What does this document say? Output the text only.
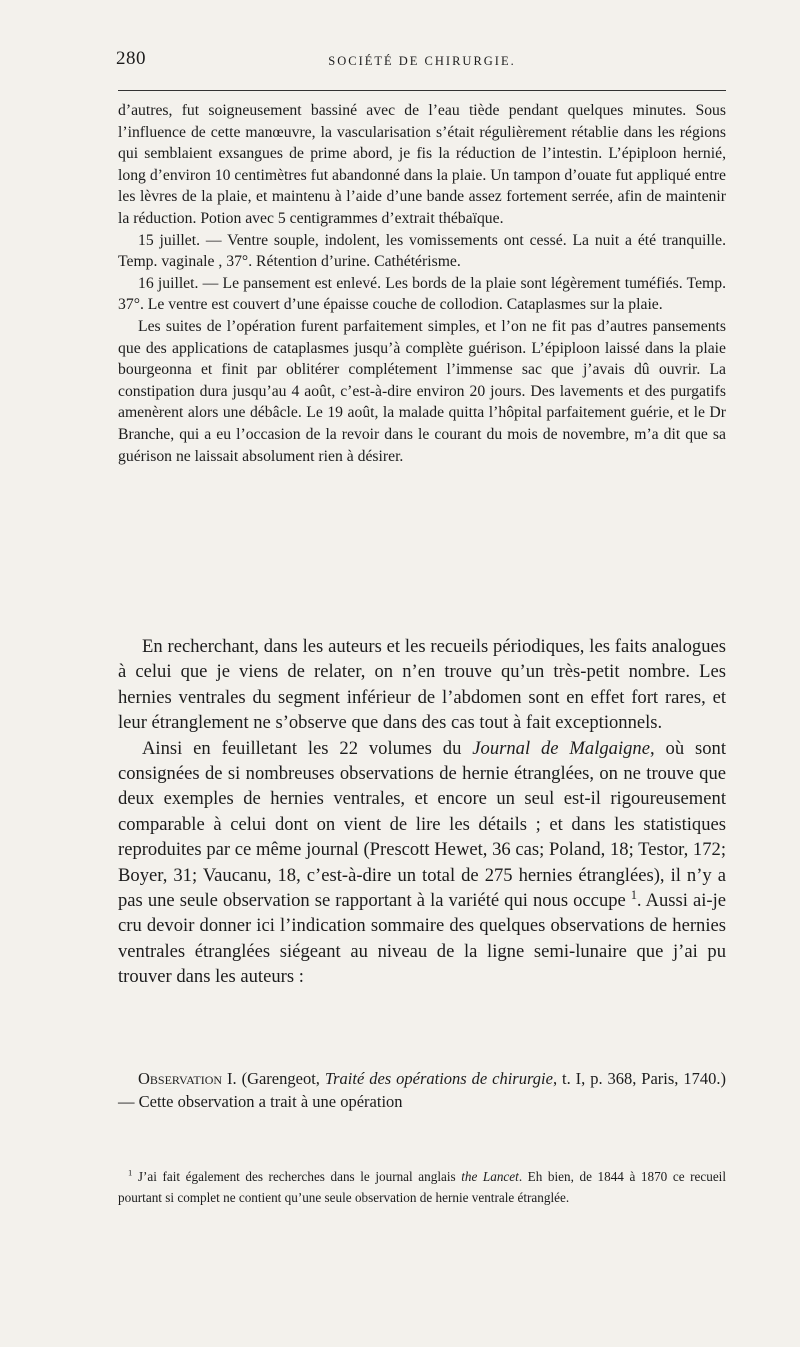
280	SOCIÉTÉ DE CHIRURGIE.

d’autres, fut soigneusement bassiné avec de l’eau tiède pendant quelques minutes. Sous l’influence de cette manœuvre, la vascularisation s’était régulièrement rétablie dans les régions qui semblaient exsangues de prime abord, je fis la réduction de l’intestin. L’épiploon hernié, long d’environ 10 centimètres fut abandonné dans la plaie. Un tampon d’ouate fut appliqué entre les lèvres de la plaie, et maintenu à l’aide d’une bande assez fortement serrée, afin de maintenir la réduction. Potion avec 5 centigrammes d’extrait thébaïque.

15 juillet. — Ventre souple, indolent, les vomissements ont cessé. La nuit a été tranquille. Temp. vaginale , 37°. Rétention d’urine. Cathétérisme.

16 juillet. — Le pansement est enlevé. Les bords de la plaie sont légèrement tuméfiés. Temp. 37°. Le ventre est couvert d’une épaisse couche de collodion. Cataplasmes sur la plaie.

Les suites de l’opération furent parfaitement simples, et l’on ne fit pas d’autres pansements que des applications de cataplasmes jusqu’à complète guérison. L’épiploon laissé dans la plaie bourgeonna et finit par oblitérer complétement l’immense sac que j’avais dû ouvrir. La constipation dura jusqu’au 4 août, c’est-à-dire environ 20 jours. Des lavements et des purgatifs amenèrent alors une débâcle. Le 19 août, la malade quitta l’hôpital parfaitement guérie, et le Dr Branche, qui a eu l’occasion de la revoir dans le courant du mois de novembre, m’a dit que sa guérison ne laissait absolument rien à désirer.

En recherchant, dans les auteurs et les recueils périodiques, les faits analogues à celui que je viens de relater, on n’en trouve qu’un très-petit nombre. Les hernies ventrales du segment inférieur de l’abdomen sont en effet fort rares, et leur étranglement ne s’observe que dans des cas tout à fait exceptionnels.

Ainsi en feuilletant les 22 volumes du Journal de Malgaigne, où sont consignées de si nombreuses observations de hernie étranglées, on ne trouve que deux exemples de hernies ventrales, et encore un seul est-il rigoureusement comparable à celui dont on vient de lire les détails ; et dans les statistiques reproduites par ce même journal (Prescott Hewet, 36 cas; Poland, 18; Testor, 172; Boyer, 31; Vaucanu, 18, c’est-à-dire un total de 275 hernies étranglées), il n’y a pas une seule observation se rapportant à la variété qui nous occupe $^1$. Aussi ai-je cru devoir donner ici l’indication sommaire des quelques observations de hernies ventrales étranglées siégeant au niveau de la ligne semi-lunaire que j’ai pu trouver dans les auteurs :

Observation I. (Garengeot, Traité des opérations de chirurgie, t. I, p. 368, Paris, 1740.) — Cette observation a trait à une opération

$^1$ J’ai fait également des recherches dans le journal anglais the Lancet. Eh bien, de 1844 à 1870 ce recueil pourtant si complet ne contient qu’une seule observation de hernie ventrale étranglée.
